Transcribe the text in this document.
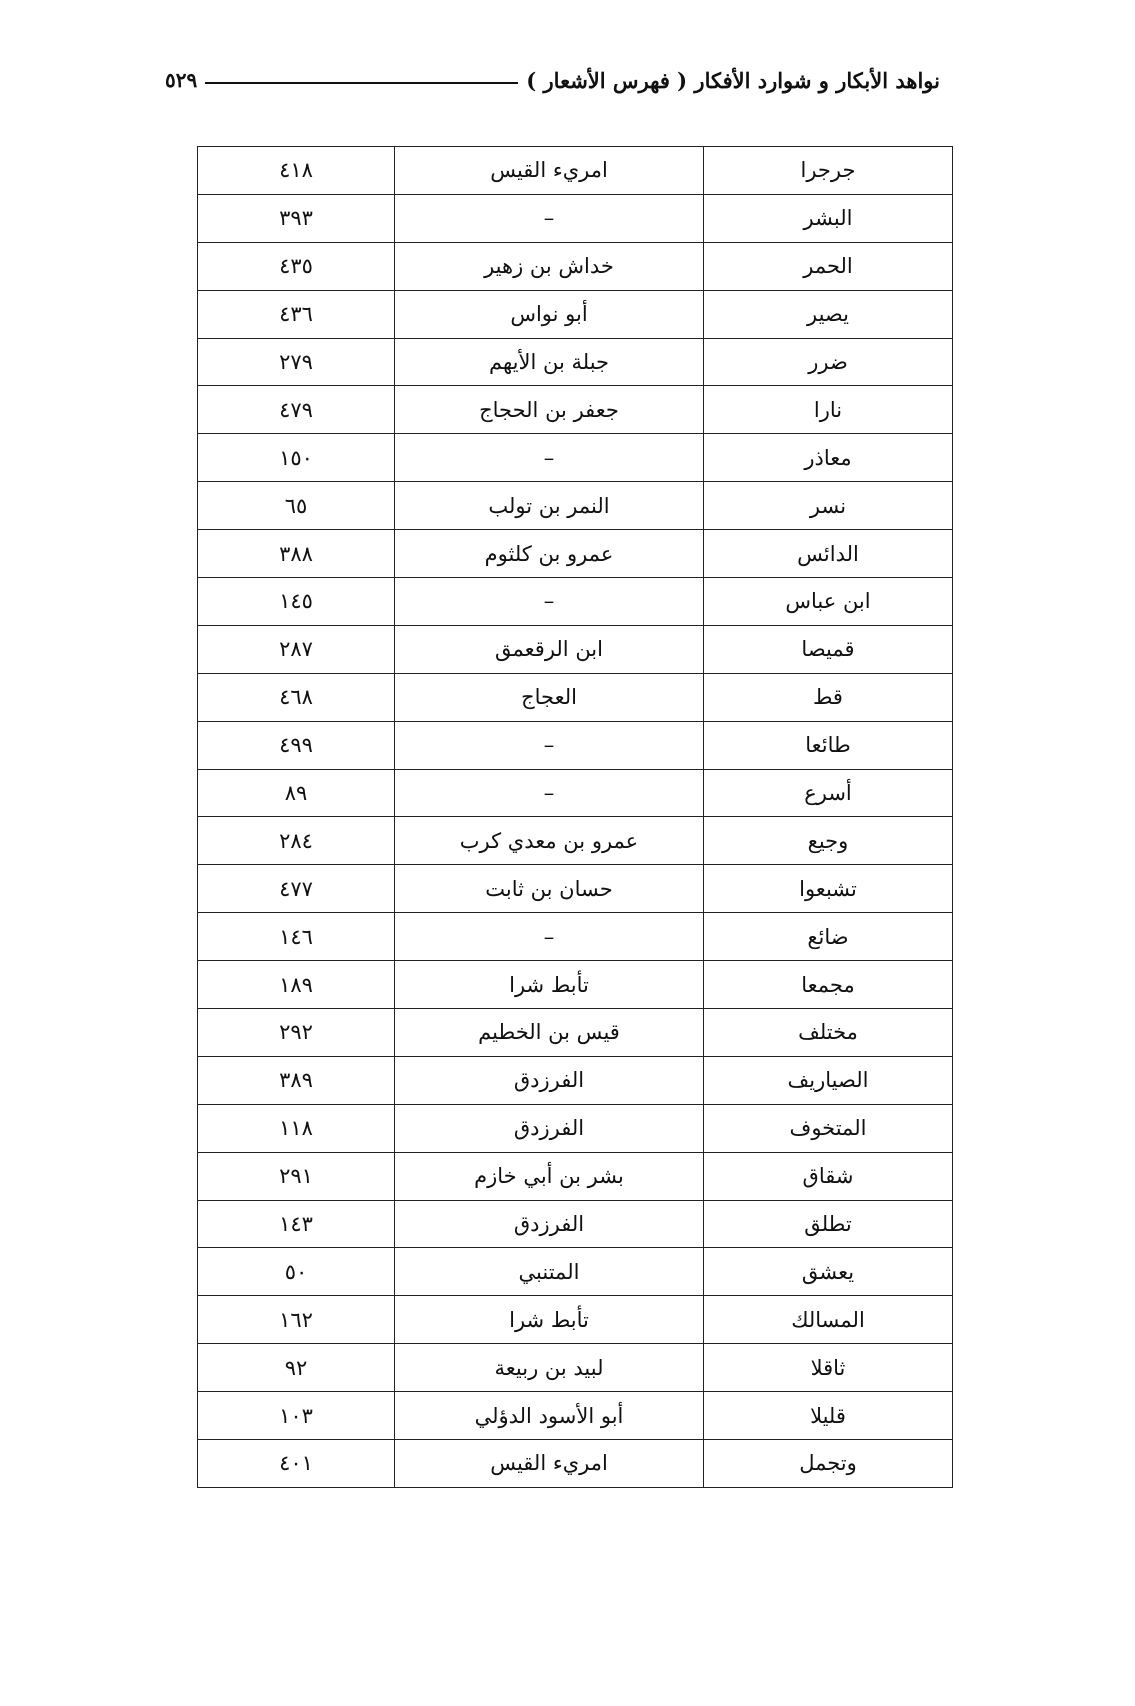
نواهد الأبكار و شوارد الأفكار ( فهرس الأشعار )
٥٢٩
جرجرا	امريء القيس	٤١٨
البشر	–	٣٩٣
الحمر	خداش بن زهير	٤٣٥
يصير	أبو نواس	٤٣٦
ضرر	جبلة بن الأيهم	٢٧٩
نارا	جعفر بن الحجاج	٤٧٩
معاذر	–	١٥٠
نسر	النمر بن تولب	٦٥
الدائس	عمرو بن كلثوم	٣٨٨
ابن عباس	–	١٤٥
قميصا	ابن الرقعمق	٢٨٧
قط	العجاج	٤٦٨
طائعا	–	٤٩٩
أسرع	–	٨٩
وجيع	عمرو بن معدي كرب	٢٨٤
تشبعوا	حسان بن ثابت	٤٧٧
ضائع	–	١٤٦
مجمعا	تأبط شرا	١٨٩
مختلف	قيس بن الخطيم	٢٩٢
الصياريف	الفرزدق	٣٨٩
المتخوف	الفرزدق	١١٨
شقاق	بشر بن أبي خازم	٢٩١
تطلق	الفرزدق	١٤٣
يعشق	المتنبي	٥٠
المسالك	تأبط شرا	١٦٢
ثاقلا	لبيد بن ربيعة	٩٢
قليلا	أبو الأسود الدؤلي	١٠٣
وتجمل	امريء القيس	٤٠١
